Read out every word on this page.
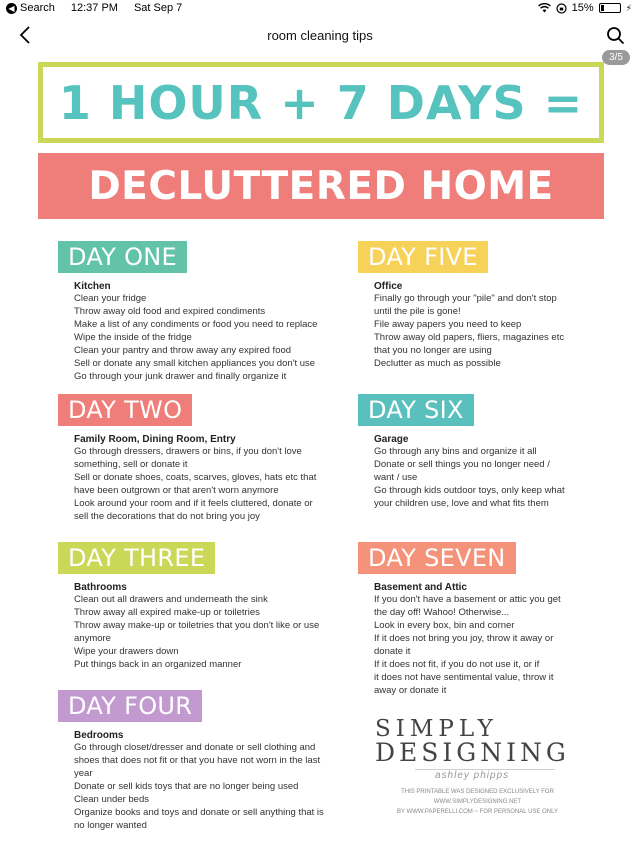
◀ Search 12:37 PM Sat Sep 7	15%	⚡
room cleaning tips
1 HOUR + 7 DAYS =
DECLUTTERED HOME
DAY ONE
Kitchen
Clean your fridge
Throw away old food and expired condiments
Make a list of any condiments or food you need to replace
Wipe the inside of the fridge
Clean your pantry and throw away any expired food
Sell or donate any small kitchen appliances you don't use
Go through your junk drawer and finally organize it
DAY TWO
Family Room, Dining Room, Entry
Go through dressers, drawers or bins, if you don't love
something, sell or donate it
Sell or donate shoes, coats, scarves, gloves, hats etc that
have been outgrown or that aren't worn anymore
Look around your room and if it feels cluttered, donate or
sell the decorations that do not bring you joy
DAY THREE
Bathrooms
Clean out all drawers and underneath the sink
Throw away all expired make-up or toiletries
Throw away make-up or toiletries that you don't like or use
anymore
Wipe your drawers down
Put things back in an organized manner
DAY FOUR
Bedrooms
Go through closet/dresser and donate or sell clothing and
shoes that does not fit or that you have not worn in the last
year
Donate or sell kids toys that are no longer being used
Clean under beds
Organize books and toys and donate or sell anything that is
no longer wanted
DAY FIVE
Office
Finally go through your "pile" and don't stop
until the pile is gone!
File away papers you need to keep
Throw away old papers, fliers, magazines etc
that you no longer are using
Declutter as much as possible
DAY SIX
Garage
Go through any bins and organize it all
Donate or sell things you no longer need /
want / use
Go through kids outdoor toys, only keep what
your children use, love and what fits them
DAY SEVEN
Basement and Attic
If you don't have a basement or attic you get
the day off! Wahoo! Otherwise...
Look in every box, bin and corner
If it does not bring you joy, throw it away or
donate it
If it does not fit, if you do not use it, or if
it does not have sentimental value, throw it
away or donate it
SIMPLY
DESIGNING
ashley phipps
THIS PRINTABLE WAS DESIGNED EXCLUSIVELY FOR
WWW.SIMPLYDESIGNING.NET
BY WWW.PAPERELLI.COM ~ FOR PERSONAL USE ONLY
3/5
